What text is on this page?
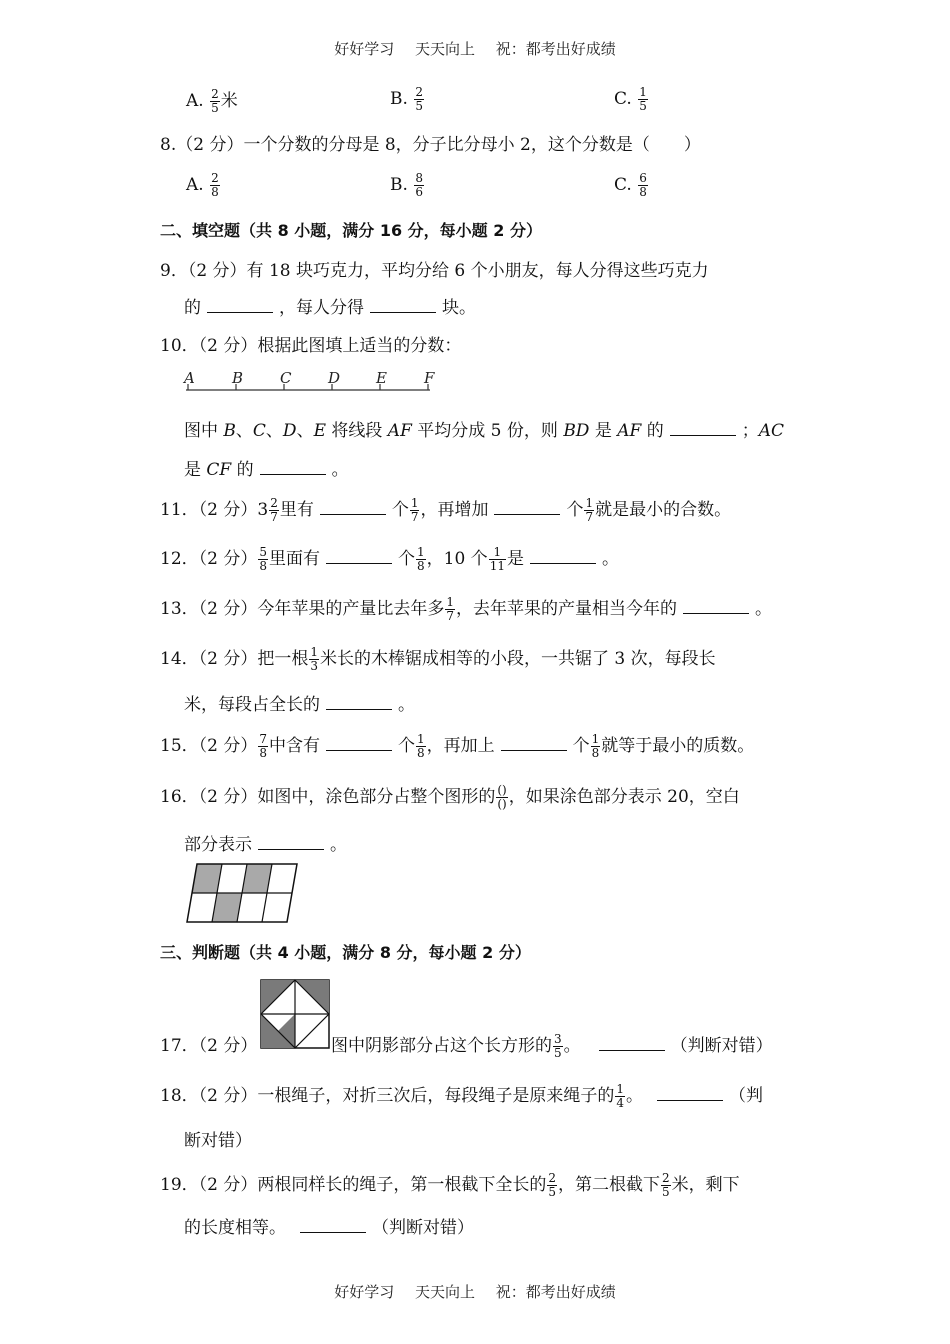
好好学习 天天向上 祝：都考出好成绩
A. $\frac{2}{5}$ 米	B. $\frac{2}{5}$	C. $\frac{1}{5}$
8.（2 分）一个分数的分母是 8，分子比分母小 2，这个分数是（　　）
A. $\frac{2}{8}$	B. $\frac{8}{6}$	C. $\frac{6}{8}$
二、填空题（共 8 小题，满分 16 分，每小题 2 分）
9．（2 分）有 18 块巧克力，平均分给 6 个小朋友，每人分得这些巧克力
的	，每人分得	块。
10．（2 分）根据此图填上适当的分数：
A B C D E F
图中 B、C、D、E 将线段 AF 平均分成 5 份，则 BD 是 AF 的	；AC
是 CF 的	。
11．（2 分）$3 \frac{2}{7}$ 里有	个 $\frac{1}{7}$ ，再增加	个 $\frac{1}{7}$ 就是最小的合数。
12．（2 分） $\frac{5}{8}$ 里面有	个 $\frac{1}{8}$ ，10 个 $\frac{1}{11}$ 是	。
13．（2 分）今年苹果的产量比去年多 $\frac{1}{7}$ ，去年苹果的产量相当今年的	。
14．（2 分）把一根 $\frac{1}{3}$ 米长的木棒锯成相等的小段，一共锯了 3 次，每段长
米，每段占全长的	。
15．（2 分） $\frac{7}{8}$ 中含有	个 $\frac{1}{8}$ ，再加上	个 $\frac{1}{8}$ 就等于最小的质数。
16．（2 分）如图中，涂色部分占整个图形的 $\frac{()}{()}$ ，如果涂色部分表示 20，空白
部分表示	。
三、判断题（共 4 小题，满分 8 分，每小题 2 分）
17．（2 分）	图中阴影部分占这个长方形的 $\frac{3}{5}$ 。	（判断对错）
18．（2 分）一根绳子，对折三次后，每段绳子是原来绳子的 $\frac{1}{4}$ 。	（判
断对错）
19．（2 分）两根同样长的绳子，第一根截下全长的 $\frac{2}{5}$ ，第二根截下 $\frac{2}{5}$ 米，剩下
的长度相等。	（判断对错）
好好学习 天天向上 祝：都考出好成绩
